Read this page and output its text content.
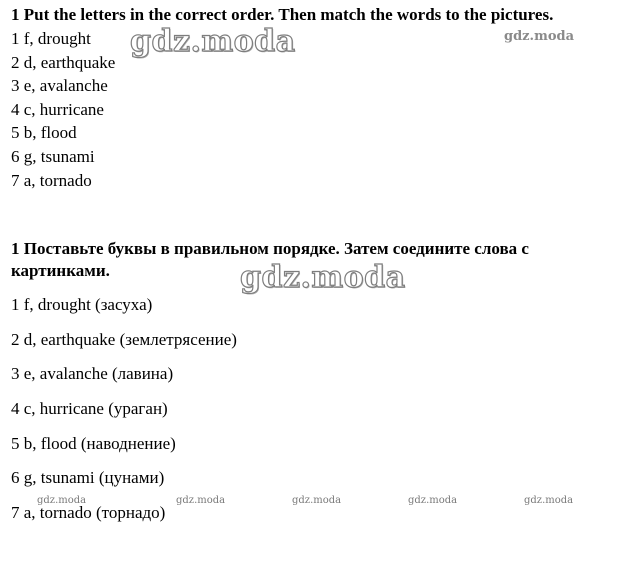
1 Put the letters in the correct order. Then match the words to the pictures.

1 f, drought
2 d, earthquake
3 e, avalanche
4 c, hurricane
5 b, flood
6 g, tsunami
7 a, tornado

1 Поставьте буквы в правильном порядке. Затем соедините слова с картинками.

1 f, drought (засуха)
2 d, earthquake (землетрясение)
3 e, avalanche (лавина)
4 c, hurricane (ураган)
5 b, flood (наводнение)
6 g, tsunami (цунами)
7 a, tornado (торнадо)
gdz.moda	gdz.moda
gdz.moda
gdz.moda	gdz.moda	gdz.moda	gdz.moda	gdz.moda
